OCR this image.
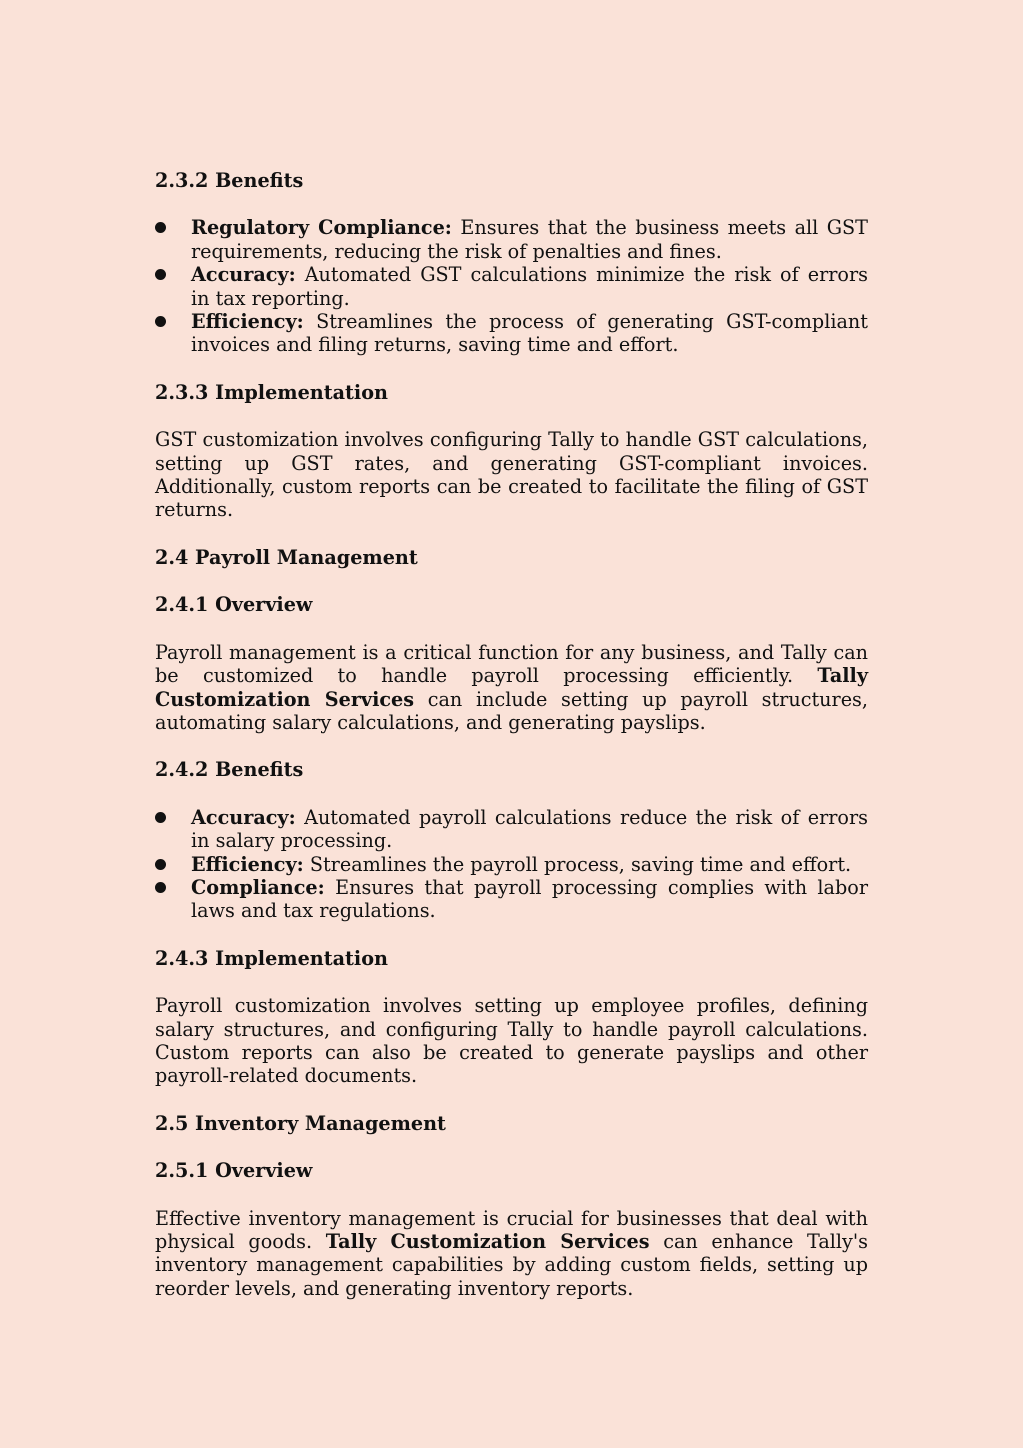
2.3.2 Benefits
Regulatory Compliance: Ensures that the business meets all GST requirements, reducing the risk of penalties and fines.
Accuracy: Automated GST calculations minimize the risk of errors in tax reporting.
Efficiency: Streamlines the process of generating GST-compliant invoices and filing returns, saving time and effort.
2.3.3 Implementation

GST customization involves configuring Tally to handle GST calculations, setting up GST rates, and generating GST-compliant invoices. Additionally, custom reports can be created to facilitate the filing of GST returns.

2.4 Payroll Management
2.4.1 Overview

Payroll management is a critical function for any business, and Tally can be customized to handle payroll processing efficiently. Tally Customization Services can include setting up payroll structures, automating salary calculations, and generating payslips.

2.4.2 Benefits
Accuracy: Automated payroll calculations reduce the risk of errors in salary processing.
Efficiency: Streamlines the payroll process, saving time and effort.
Compliance: Ensures that payroll processing complies with labor laws and tax regulations.
2.4.3 Implementation

Payroll customization involves setting up employee profiles, defining salary structures, and configuring Tally to handle payroll calculations. Custom reports can also be created to generate payslips and other payroll-related documents.

2.5 Inventory Management
2.5.1 Overview

Effective inventory management is crucial for businesses that deal with physical goods. Tally Customization Services can enhance Tally's inventory management capabilities by adding custom fields, setting up reorder levels, and generating inventory reports.
